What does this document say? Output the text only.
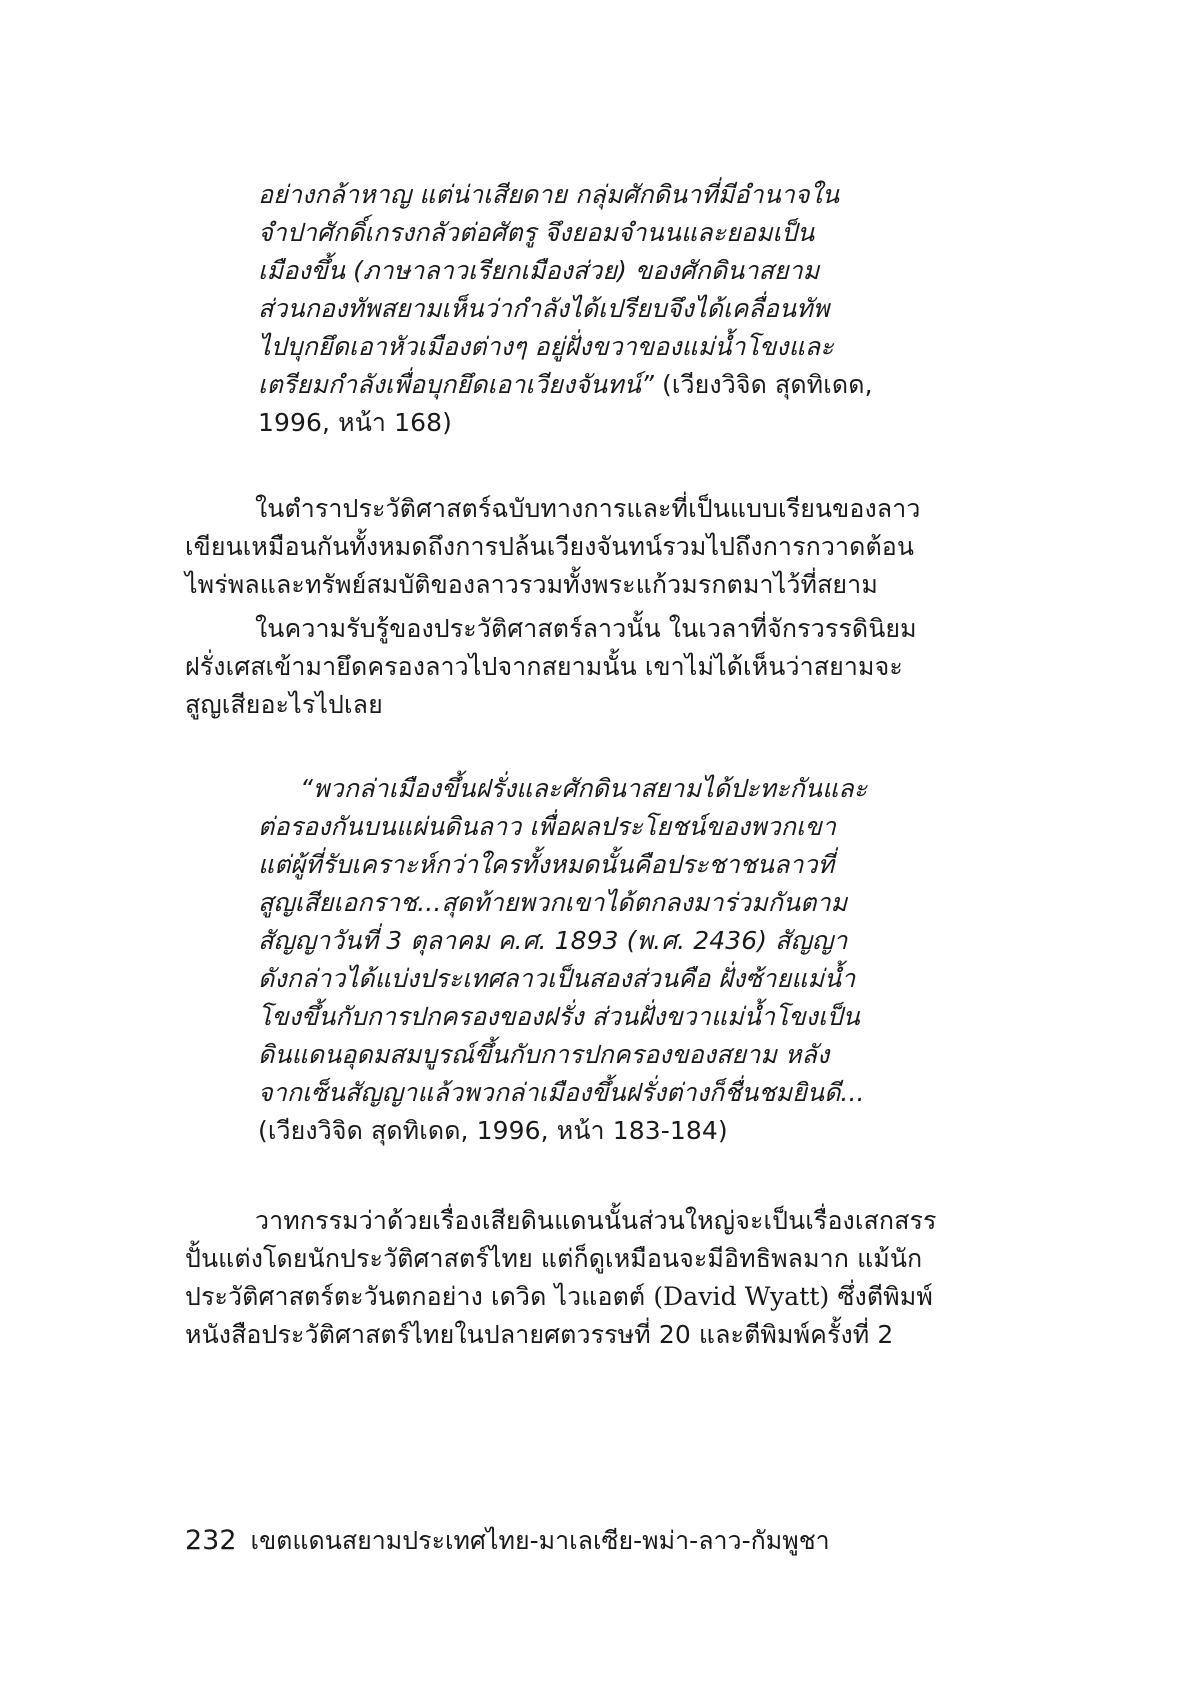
อย่างกล้าหาญ แต่น่าเสียดาย กลุ่มศักดินาที่มีอำนาจใน
จำปาศักดิ์เกรงกลัวต่อศัตรู จึงยอมจำนนและยอมเป็น
เมืองขึ้น (ภาษาลาวเรียกเมืองส่วย) ของศักดินาสยาม
ส่วนกองทัพสยามเห็นว่ากำลังได้เปรียบจึงได้เคลื่อนทัพ
ไปบุกยึดเอาหัวเมืองต่างๆ อยู่ฝั่งขวาของแม่น้ำโขงและ
เตรียมกำลังเพื่อบุกยึดเอาเวียงจันทน์” (เวียงวิจิด สุดทิเดด,
1996, หน้า 168)
ในตำราประวัติศาสตร์ฉบับทางการและที่เป็นแบบเรียนของลาว
เขียนเหมือนกันทั้งหมดถึงการปล้นเวียงจันทน์รวมไปถึงการกวาดต้อน
ไพร่พลและทรัพย์สมบัติของลาวรวมทั้งพระแก้วมรกตมาไว้ที่สยาม
ในความรับรู้ของประวัติศาสตร์ลาวนั้น ในเวลาที่จักรวรรดินิยม
ฝรั่งเศสเข้ามายึดครองลาวไปจากสยามนั้น เขาไม่ได้เห็นว่าสยามจะ
สูญเสียอะไรไปเลย
“พวกล่าเมืองขึ้นฝรั่งและศักดินาสยามได้ปะทะกันและ
ต่อรองกันบนแผ่นดินลาว เพื่อผลประโยชน์ของพวกเขา
แต่ผู้ที่รับเคราะห์กว่าใครทั้งหมดนั้นคือประชาชนลาวที่
สูญเสียเอกราช...สุดท้ายพวกเขาได้ตกลงมาร่วมกันตาม
สัญญาวันที่ 3 ตุลาคม ค.ศ. 1893 (พ.ศ. 2436) สัญญา
ดังกล่าวได้แบ่งประเทศลาวเป็นสองส่วนคือ ฝั่งซ้ายแม่น้ำ
โขงขึ้นกับการปกครองของฝรั่ง ส่วนฝั่งขวาแม่น้ำโขงเป็น
ดินแดนอุดมสมบูรณ์ขึ้นกับการปกครองของสยาม หลัง
จากเซ็นสัญญาแล้วพวกล่าเมืองขึ้นฝรั่งต่างก็ชื่นชมยินดี...
(เวียงวิจิด สุดทิเดด, 1996, หน้า 183-184)
วาทกรรมว่าด้วยเรื่องเสียดินแดนนั้นส่วนใหญ่จะเป็นเรื่องเสกสรร
ปั้นแต่งโดยนักประวัติศาสตร์ไทย แต่ก็ดูเหมือนจะมีอิทธิพลมาก แม้นัก
ประวัติศาสตร์ตะวันตกอย่าง เดวิด ไวแอตต์ (David Wyatt) ซึ่งตีพิมพ์
หนังสือประวัติศาสตร์ไทยในปลายศตวรรษที่ 20 และตีพิมพ์ครั้งที่ 2
232 เขตแดนสยามประเทศไทย-มาเลเซีย-พม่า-ลาว-กัมพูชา
